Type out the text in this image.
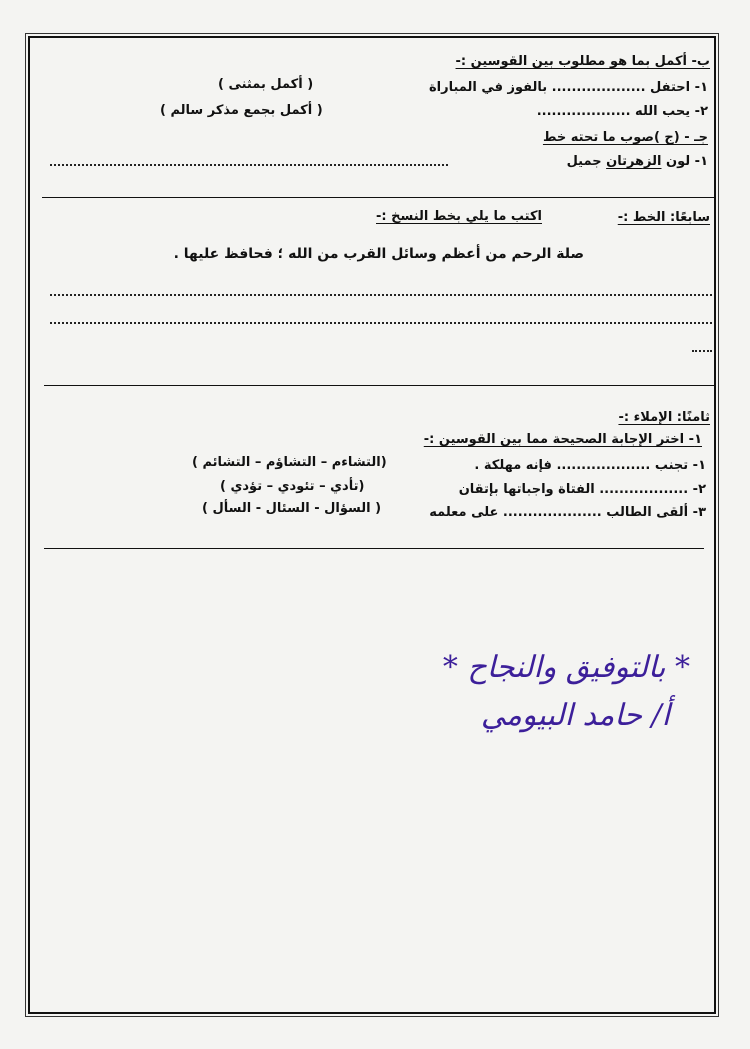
ب- أكمل بما هو مطلوب بين القوسين :-
١- احتفل ................... بالفوز في المباراة
( أكمل بمثنى )
٢- يحب الله ...................
( أكمل بجمع مذكر سالم )
جـ - (ج )صوب ما تحته خط
١- لون الزهرتان جميل
سابعًا: الخط :-
اكتب ما يلي بخط النسخ :-
صلة الرحم من أعظم وسائل القرب من الله ؛ فحافظ عليها .
ثامنًا: الإملاء :-
١- اختر الإجابة الصحيحة مما بين القوسين :-
١- تجنب ................... فإنه مهلكة .
(التشاءم – التشاؤم – التشائم )
٢- .................. الفتاة واجباتها بإتقان
(تأدي – تئودي – تؤدي )
٣- ألقى الطالب .................... على معلمه
( السؤال - السئال - السأل )
* بالتوفيق والنجاح *
أ/ حامد البيومي
